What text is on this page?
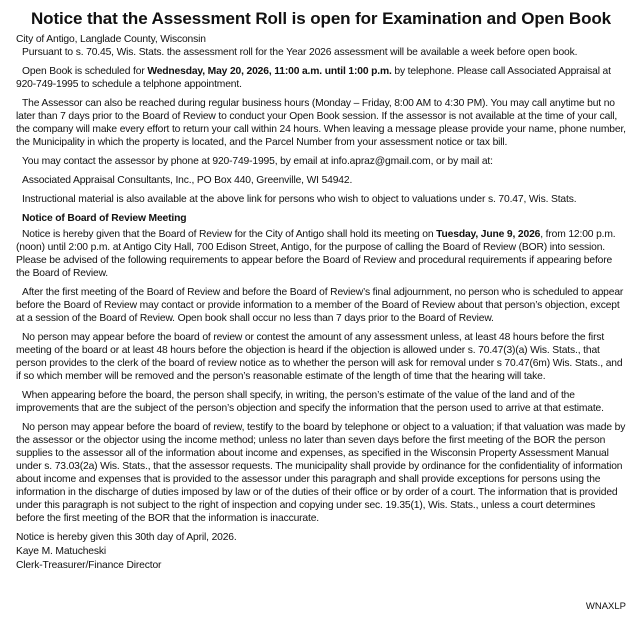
Notice that the Assessment Roll is open for Examination and Open Book

City of Antigo, Langlade County, Wisconsin

Pursuant to s. 70.45, Wis. Stats. the assessment roll for the Year 2026 assessment will be available a week before open book.

Open Book is scheduled for Wednesday, May 20, 2026, 11:00 a.m. until 1:00 p.m. by telephone. Please call Associated Appraisal at 920-749-1995 to schedule a telphone appointment.

The Assessor can also be reached during regular business hours (Monday – Friday, 8:00 AM to 4:30 PM). You may call anytime but no later than 7 days prior to the Board of Review to conduct your Open Book session. If the assessor is not available at the time of your call, the company will make every effort to return your call within 24 hours. When leaving a message please provide your name, phone number, the Municipality in which the property is located, and the Parcel Number from your assessment notice or tax bill.

You may contact the assessor by phone at 920-749-1995, by email at info.apraz@gmail.com, or by mail at:

Associated Appraisal Consultants, Inc., PO Box 440, Greenville, WI 54942.

Instructional material is also available at the above link for persons who wish to object to valuations under s. 70.47, Wis. Stats.

Notice of Board of Review Meeting

Notice is hereby given that the Board of Review for the City of Antigo shall hold its meeting on Tuesday, June 9, 2026, from 12:00 p.m. (noon) until 2:00 p.m. at Antigo City Hall, 700 Edison Street, Antigo, for the purpose of calling the Board of Review (BOR) into session. Please be advised of the following requirements to appear before the Board of Review and procedural requirements if appearing before the Board of Review.

After the first meeting of the Board of Review and before the Board of Review’s final adjournment, no person who is scheduled to appear before the Board of Review may contact or provide information to a member of the Board of Review about that person’s objection, except at a session of the Board of Review. Open book shall occur no less than 7 days prior to the Board of Review.

No person may appear before the board of review or contest the amount of any assessment unless, at least 48 hours before the first meeting of the board or at least 48 hours before the objection is heard if the objection is allowed under s. 70.47(3)(a) Wis. Stats., that person provides to the clerk of the board of review notice as to whether the person will ask for removal under s 70.47(6m) Wis. Stats., and if so which member will be removed and the person’s reasonable estimate of the length of time that the hearing will take.

When appearing before the board, the person shall specify, in writing, the person’s estimate of the value of the land and of the improvements that are the subject of the person’s objection and specify the information that the person used to arrive at that estimate.

No person may appear before the board of review, testify to the board by telephone or object to a valuation; if that valuation was made by the assessor or the objector using the income method; unless no later than seven days before the first meeting of the BOR the person supplies to the assessor all of the information about income and expenses, as specified in the Wisconsin Property Assessment Manual under s. 73.03(2a) Wis. Stats., that the assessor requests. The municipality shall provide by ordinance for the confidentiality of information about income and expenses that is provided to the assessor under this paragraph and shall provide exceptions for persons using the information in the discharge of duties imposed by law or of the duties of their office or by order of a court. The information that is provided under this paragraph is not subject to the right of inspection and copying under sec. 19.35(1), Wis. Stats., unless a court determines before the first meeting of the BOR that the information is inaccurate.

Notice is hereby given this 30th day of April, 2026.

Kaye M. Matucheski

Clerk-Treasurer/Finance Director

WNAXLP
